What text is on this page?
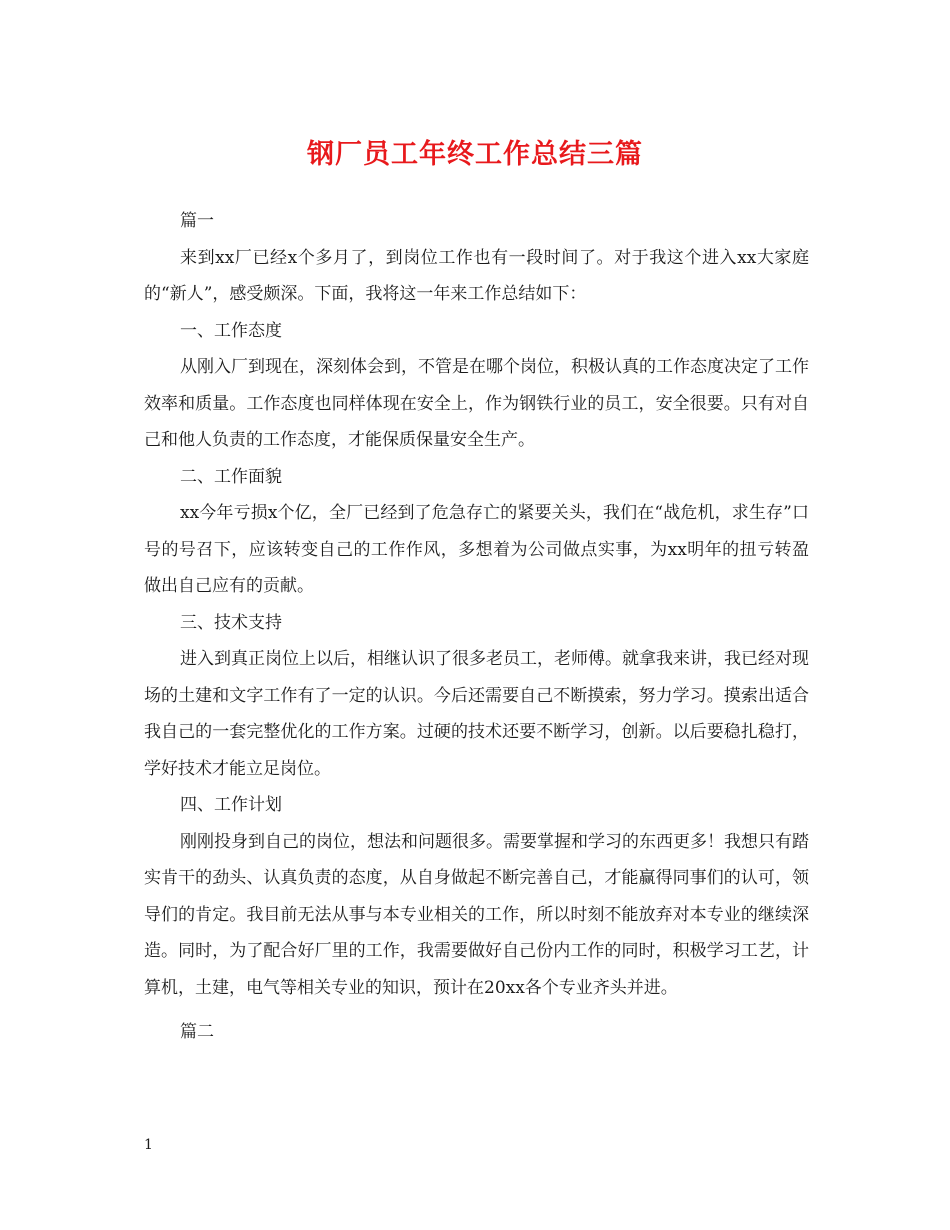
钢厂员工年终工作总结三篇

篇一

来到xx厂已经x个多月了，到岗位工作也有一段时间了。对于我这个进入xx大家庭的“新人”，感受颇深。下面，我将这一年来工作总结如下：

一、工作态度

从刚入厂到现在，深刻体会到，不管是在哪个岗位，积极认真的工作态度决定了工作效率和质量。工作态度也同样体现在安全上，作为钢铁行业的员工，安全很要。只有对自己和他人负责的工作态度，才能保质保量安全生产。

二、工作面貌

xx今年亏损x个亿，全厂已经到了危急存亡的紧要关头，我们在“战危机，求生存”口号的号召下，应该转变自己的工作作风，多想着为公司做点实事，为xx明年的扭亏转盈做出自己应有的贡献。

三、技术支持

进入到真正岗位上以后，相继认识了很多老员工，老师傅。就拿我来讲，我已经对现场的土建和文字工作有了一定的认识。今后还需要自己不断摸索，努力学习。摸索出适合我自己的一套完整优化的工作方案。过硬的技术还要不断学习，创新。以后要稳扎稳打，学好技术才能立足岗位。

四、工作计划

刚刚投身到自己的岗位，想法和问题很多。需要掌握和学习的东西更多！我想只有踏实肯干的劲头、认真负责的态度，从自身做起不断完善自己，才能赢得同事们的认可，领导们的肯定。我目前无法从事与本专业相关的工作，所以时刻不能放弃对本专业的继续深造。同时，为了配合好厂里的工作，我需要做好自己份内工作的同时，积极学习工艺，计算机，土建，电气等相关专业的知识，预计在20xx各个专业齐头并进。

篇二

1
